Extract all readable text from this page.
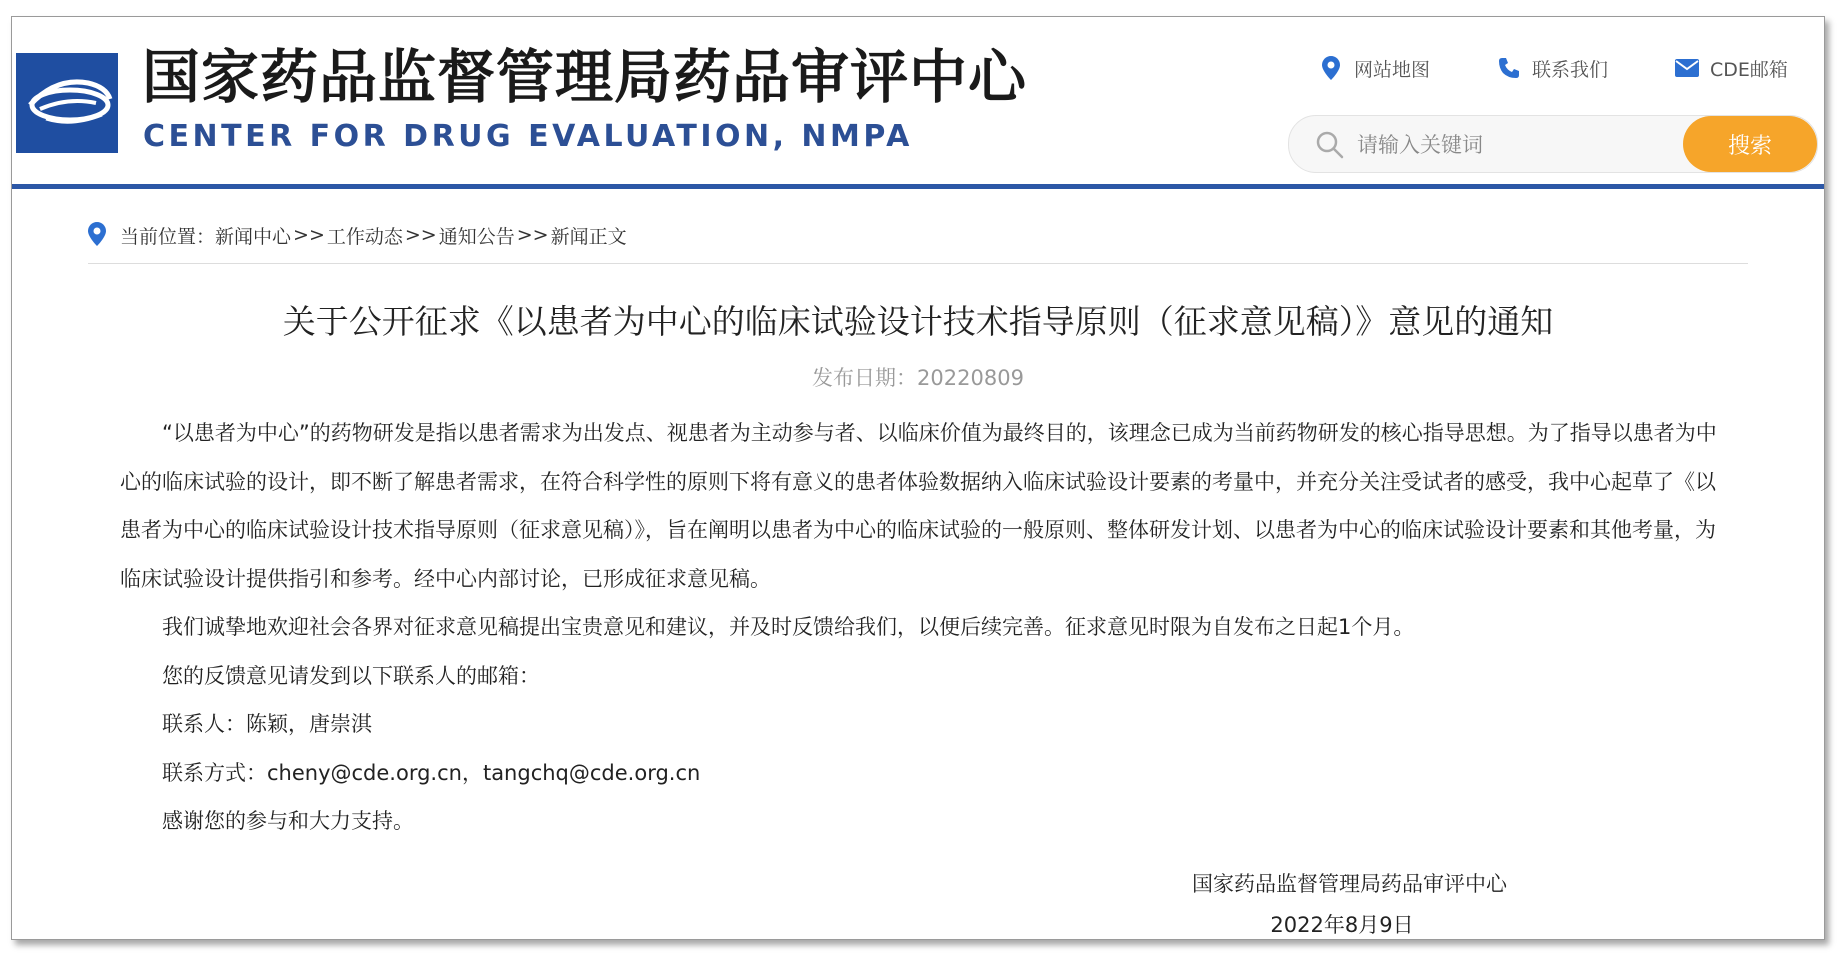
国家药品监督管理局药品审评中心
CENTER FOR DRUG EVALUATION, NMPA
网站地图	联系我们	CDE邮箱
请输入关键词
搜索
当前位置： 新闻中心 >> 工作动态 >> 通知公告 >> 新闻正文
关于公开征求《以患者为中心的临床试验设计技术指导原则（征求意见稿）》意见的通知
发布日期：20220809

“以患者为中心”的药物研发是指以患者需求为出发点、视患者为主动参与者、以临床价值为最终目的，该理念已成为当前药物研发的核心指导思想。为了指导以患者为中心的临床试验的设计，即不断了解患者需求，在符合科学性的原则下将有意义的患者体验数据纳入临床试验设计要素的考量中，并充分关注受试者的感受，我中心起草了《以患者为中心的临床试验设计技术指导原则（征求意见稿）》，旨在阐明以患者为中心的临床试验的一般原则、整体研发计划、以患者为中心的临床试验设计要素和其他考量，为临床试验设计提供指引和参考。经中心内部讨论，已形成征求意见稿。

我们诚挚地欢迎社会各界对征求意见稿提出宝贵意见和建议，并及时反馈给我们，以便后续完善。征求意见时限为自发布之日起1个月。

您的反馈意见请发到以下联系人的邮箱：

联系人：陈颖，唐崇淇

联系方式：cheny@cde.org.cn，tangchq@cde.org.cn

感谢您的参与和大力支持。

国家药品监督管理局药品审评中心
2022年8月9日
